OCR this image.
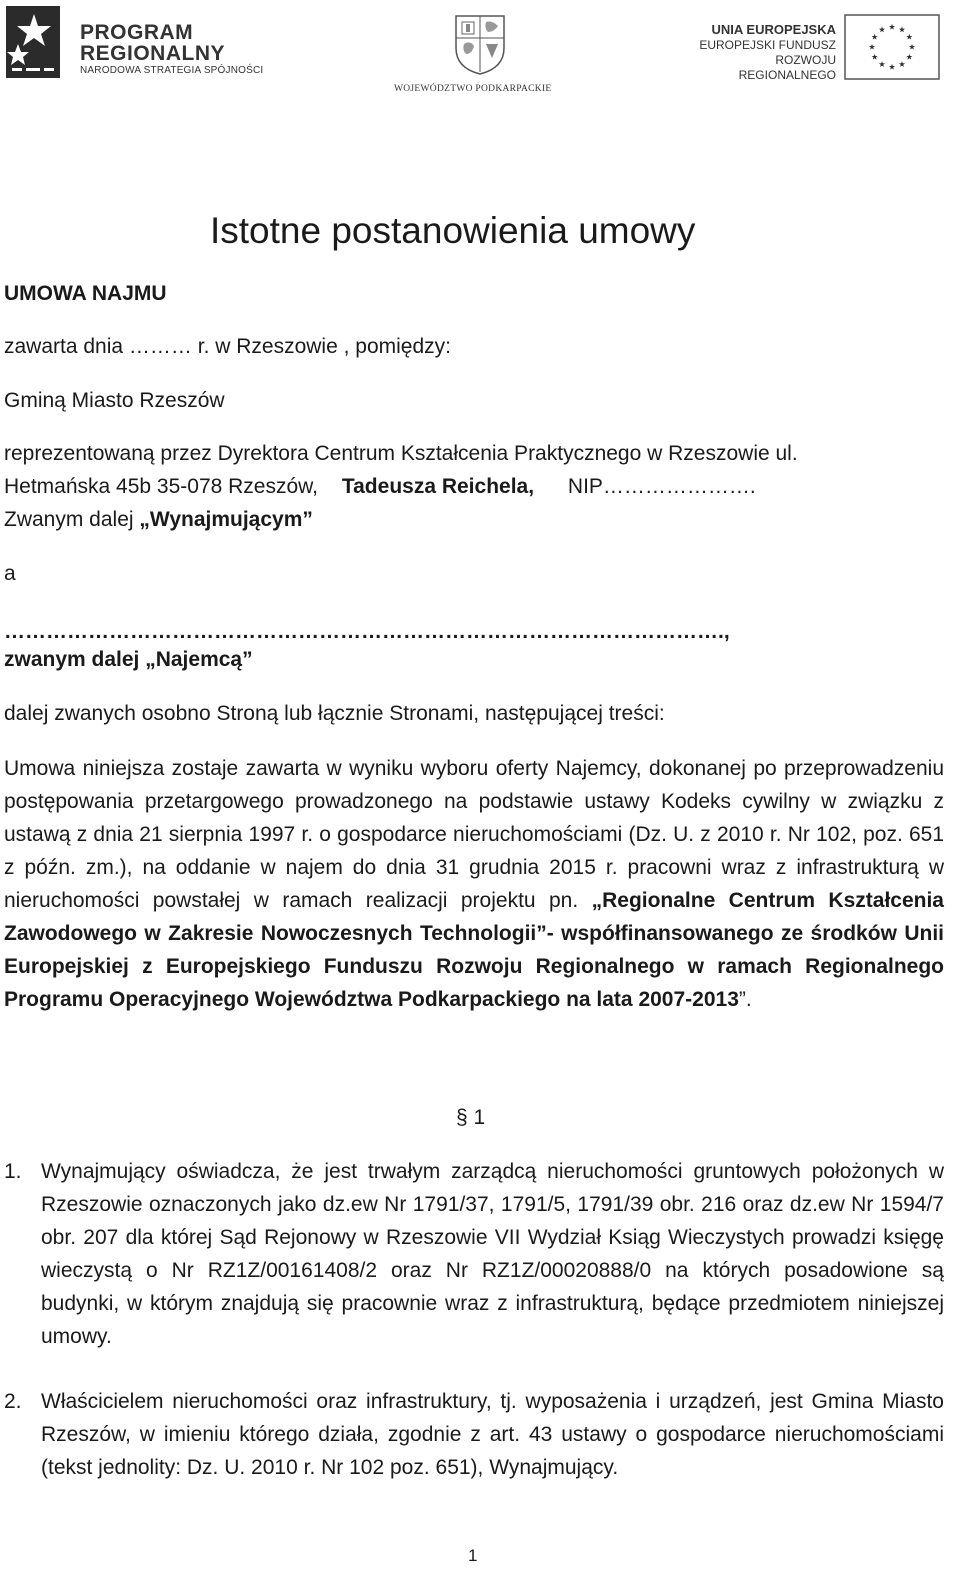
PROGRAM
REGIONALNY
NARODOWA STRATEGIA SPÓJNOŚCI
WOJEWÓDZTWO PODKARPACKIE
UNIA EUROPEJSKA
EUROPEJSKI FUNDUSZ
ROZWOJU REGIONALNEGO
Istotne postanowienia umowy
UMOWA NAJMU
zawarta dnia ……… r. w Rzeszowie , pomiędzy:
Gminą Miasto Rzeszów
reprezentowaną przez Dyrektora Centrum Kształcenia Praktycznego w Rzeszowie ul.
Hetmańska 45b 35-078 Rzeszów, Tadeusza Reichela, NIP………………….
Zwanym dalej „Wynajmującym”
a
………………………………………………………………………………………….,
zwanym dalej „Najemcą”
dalej zwanych osobno Stroną lub łącznie Stronami, następującej treści:
Umowa niniejsza zostaje zawarta w wyniku wyboru oferty Najemcy, dokonanej po przeprowadzeniu postępowania przetargowego prowadzonego na podstawie ustawy Kodeks cywilny w związku z ustawą z dnia 21 sierpnia 1997 r. o gospodarce nieruchomościami (Dz. U. z 2010 r. Nr 102, poz. 651 z późn. zm.), na oddanie w najem do dnia 31 grudnia 2015 r. pracowni wraz z infrastrukturą w nieruchomości powstałej w ramach realizacji projektu pn. „Regionalne Centrum Kształcenia Zawodowego w Zakresie Nowoczesnych Technologii”- współfinansowanego ze środków Unii Europejskiej z Europejskiego Funduszu Rozwoju Regionalnego w ramach Regionalnego Programu Operacyjnego Województwa Podkarpackiego na lata 2007-2013”.
§ 1
1. Wynajmujący oświadcza, że jest trwałym zarządcą nieruchomości gruntowych położonych w Rzeszowie oznaczonych jako dz.ew Nr 1791/37, 1791/5, 1791/39 obr. 216 oraz dz.ew Nr 1594/7 obr. 207 dla której Sąd Rejonowy w Rzeszowie VII Wydział Ksiąg Wieczystych prowadzi księgę wieczystą o Nr RZ1Z/00161408/2 oraz Nr RZ1Z/00020888/0 na których posadowione są budynki, w którym znajdują się pracownie wraz z infrastrukturą, będące przedmiotem niniejszej umowy.
2. Właścicielem nieruchomości oraz infrastruktury, tj. wyposażenia i urządzeń, jest Gmina Miasto Rzeszów, w imieniu którego działa, zgodnie z art. 43 ustawy o gospodarce nieruchomościami (tekst jednolity: Dz. U. 2010 r. Nr 102 poz. 651), Wynajmujący.
1
